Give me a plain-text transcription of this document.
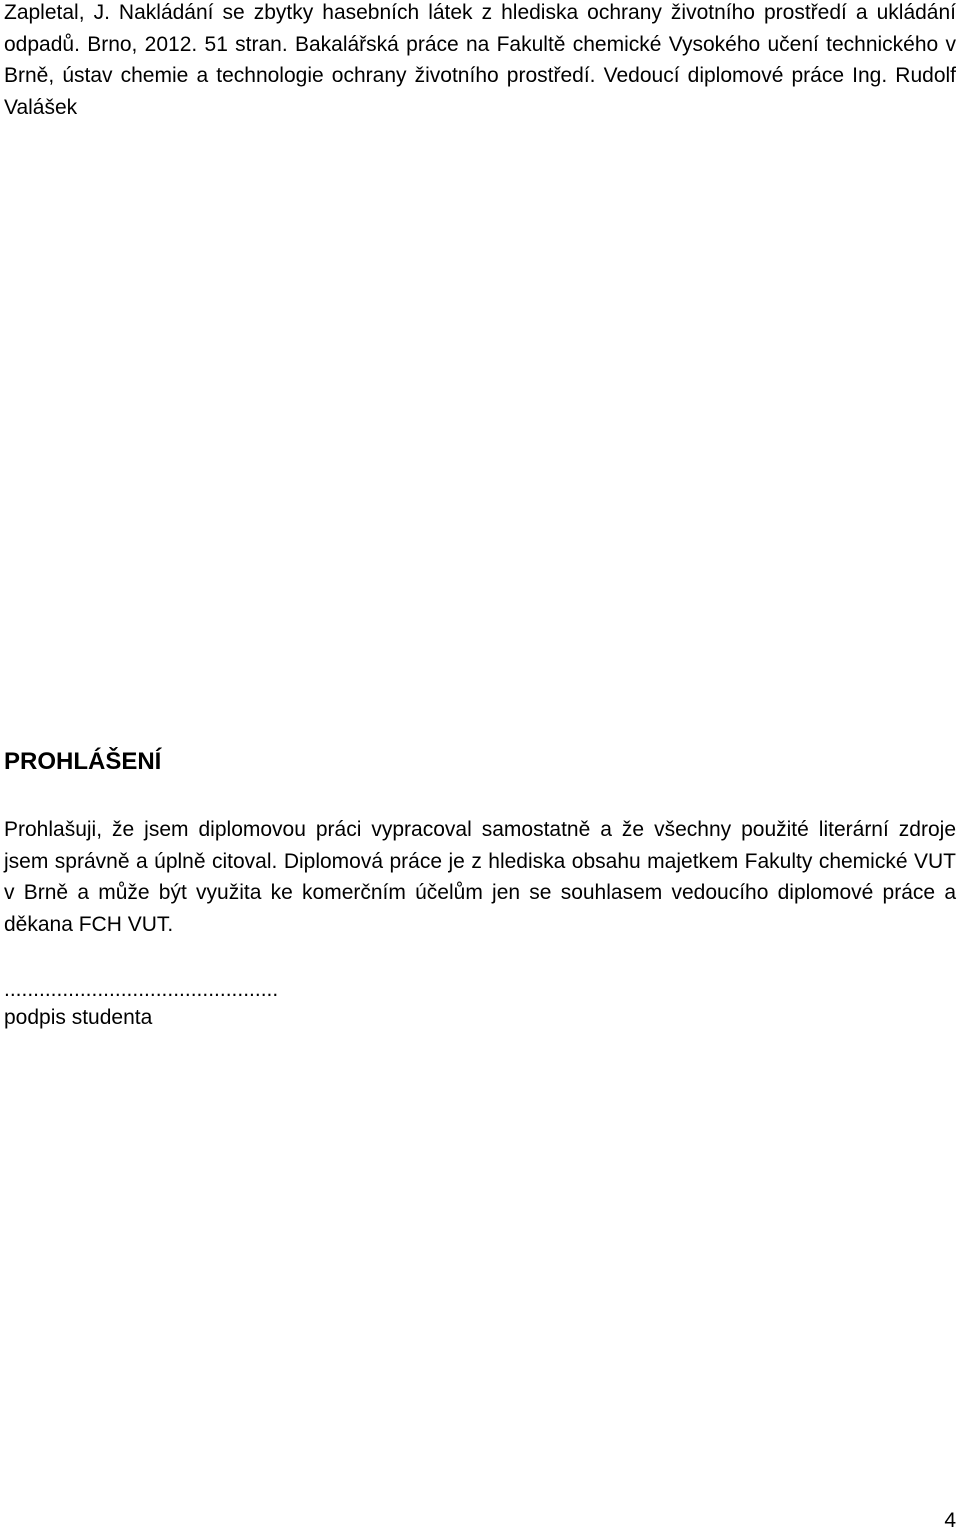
Zapletal, J. Nakládání se zbytky hasebních látek z hlediska ochrany životního prostředí a ukládání odpadů. Brno, 2012. 51 stran. Bakalářská práce na Fakultě chemické Vysokého učení technického v Brně, ústav chemie a technologie ochrany životního prostředí. Vedoucí diplomové práce Ing. Rudolf Valášek

PROHLÁŠENÍ

Prohlašuji, že jsem diplomovou práci vypracoval samostatně a že všechny použité literární zdroje jsem správně a úplně citoval. Diplomová práce je z hlediska obsahu majetkem Fakulty chemické VUT v Brně a může být využita ke komerčním účelům jen se souhlasem vedoucího diplomové práce a děkana FCH VUT.

...............................................

podpis studenta

4
